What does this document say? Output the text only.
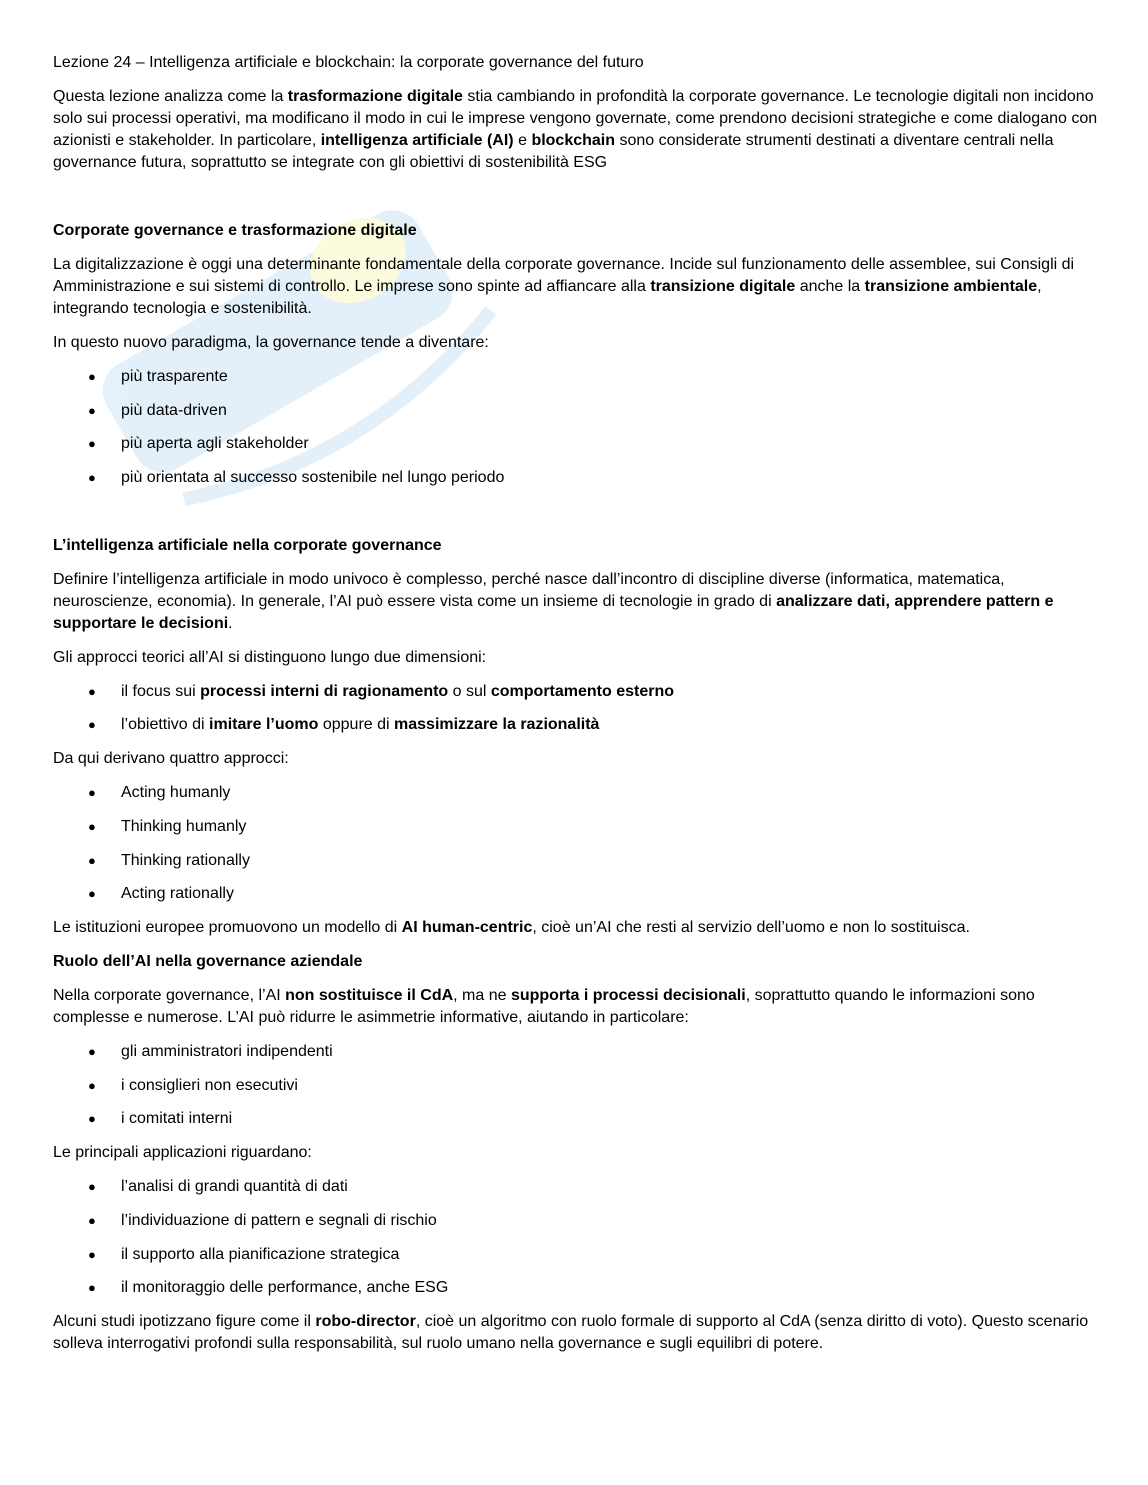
Lezione 24 – Intelligenza artificiale e blockchain: la corporate governance del futuro

Questa lezione analizza come la trasformazione digitale stia cambiando in profondità la corporate governance. Le tecnologie digitali non incidono solo sui processi operativi, ma modificano il modo in cui le imprese vengono governate, come prendono decisioni strategiche e come dialogano con azionisti e stakeholder. In particolare, intelligenza artificiale (AI) e blockchain sono considerate strumenti destinati a diventare centrali nella governance futura, soprattutto se integrate con gli obiettivi di sostenibilità ESG

Corporate governance e trasformazione digitale

La digitalizzazione è oggi una determinante fondamentale della corporate governance. Incide sul funzionamento delle assemblee, sui Consigli di Amministrazione e sui sistemi di controllo. Le imprese sono spinte ad affiancare alla transizione digitale anche la transizione ambientale, integrando tecnologia e sostenibilità.

In questo nuovo paradigma, la governance tende a diventare:

● più trasparente
● più data-driven
● più aperta agli stakeholder
● più orientata al successo sostenibile nel lungo periodo

L’intelligenza artificiale nella corporate governance

Definire l’intelligenza artificiale in modo univoco è complesso, perché nasce dall’incontro di discipline diverse (informatica, matematica, neuroscienze, economia). In generale, l’AI può essere vista come un insieme di tecnologie in grado di analizzare dati, apprendere pattern e supportare le decisioni.

Gli approcci teorici all’AI si distinguono lungo due dimensioni:

● il focus sui processi interni di ragionamento o sul comportamento esterno
● l’obiettivo di imitare l’uomo oppure di massimizzare la razionalità

Da qui derivano quattro approcci:

● Acting humanly
● Thinking humanly
● Thinking rationally
● Acting rationally

Le istituzioni europee promuovono un modello di AI human-centric, cioè un’AI che resti al servizio dell’uomo e non lo sostituisca.

Ruolo dell’AI nella governance aziendale

Nella corporate governance, l’AI non sostituisce il CdA, ma ne supporta i processi decisionali, soprattutto quando le informazioni sono complesse e numerose. L’AI può ridurre le asimmetrie informative, aiutando in particolare:

● gli amministratori indipendenti
● i consiglieri non esecutivi
● i comitati interni

Le principali applicazioni riguardano:

● l’analisi di grandi quantità di dati
● l’individuazione di pattern e segnali di rischio
● il supporto alla pianificazione strategica
● il monitoraggio delle performance, anche ESG

Alcuni studi ipotizzano figure come il robo-director, cioè un algoritmo con ruolo formale di supporto al CdA (senza diritto di voto). Questo scenario solleva interrogativi profondi sulla responsabilità, sul ruolo umano nella governance e sugli equilibri di potere.
